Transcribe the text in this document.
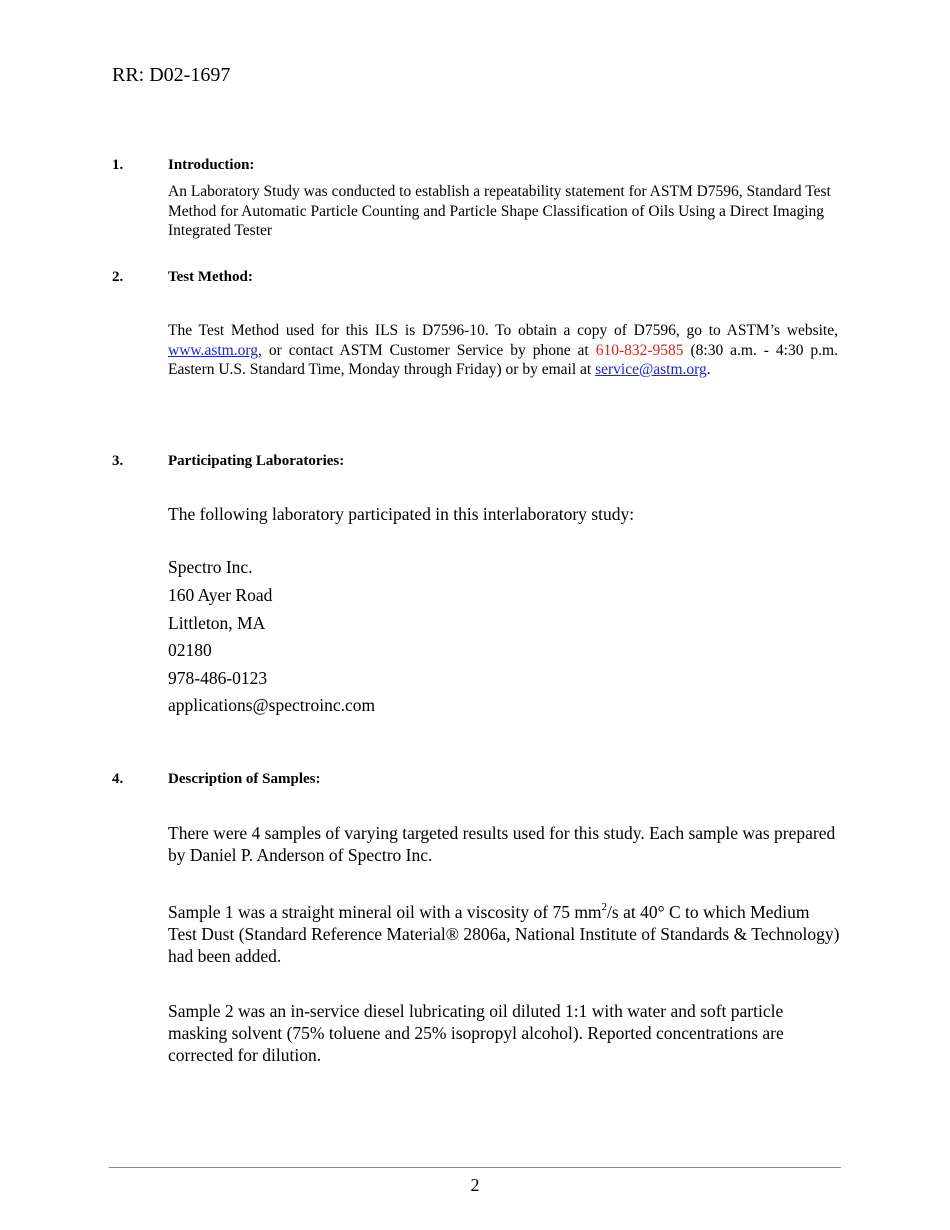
RR: D02-1697
1.	Introduction:
An Laboratory Study was conducted to establish a repeatability statement for ASTM D7596, Standard Test Method for Automatic Particle Counting and Particle Shape Classification of Oils Using a Direct Imaging Integrated Tester
2.	Test Method:
The Test Method used for this ILS is D7596-10. To obtain a copy of D7596, go to ASTM’s website, www.astm.org, or contact ASTM Customer Service by phone at 610-832-9585 (8:30 a.m. - 4:30 p.m. Eastern U.S. Standard Time, Monday through Friday) or by email at service@astm.org.
3.	Participating Laboratories:
The following laboratory participated in this interlaboratory study:
Spectro Inc.
160 Ayer Road
Littleton, MA
02180
978-486-0123
applications@spectroinc.com
4.	Description of Samples:
There were 4 samples of varying targeted results used for this study. Each sample was prepared by Daniel P. Anderson of Spectro Inc.
Sample 1 was a straight mineral oil with a viscosity of 75 $mm^2/s$ at 40° C to which Medium Test Dust (Standard Reference Material® 2806a, National Institute of Standards & Technology) had been added.
Sample 2 was an in-service diesel lubricating oil diluted 1:1 with water and soft particle masking solvent (75% toluene and 25% isopropyl alcohol). Reported concentrations are corrected for dilution.
2
